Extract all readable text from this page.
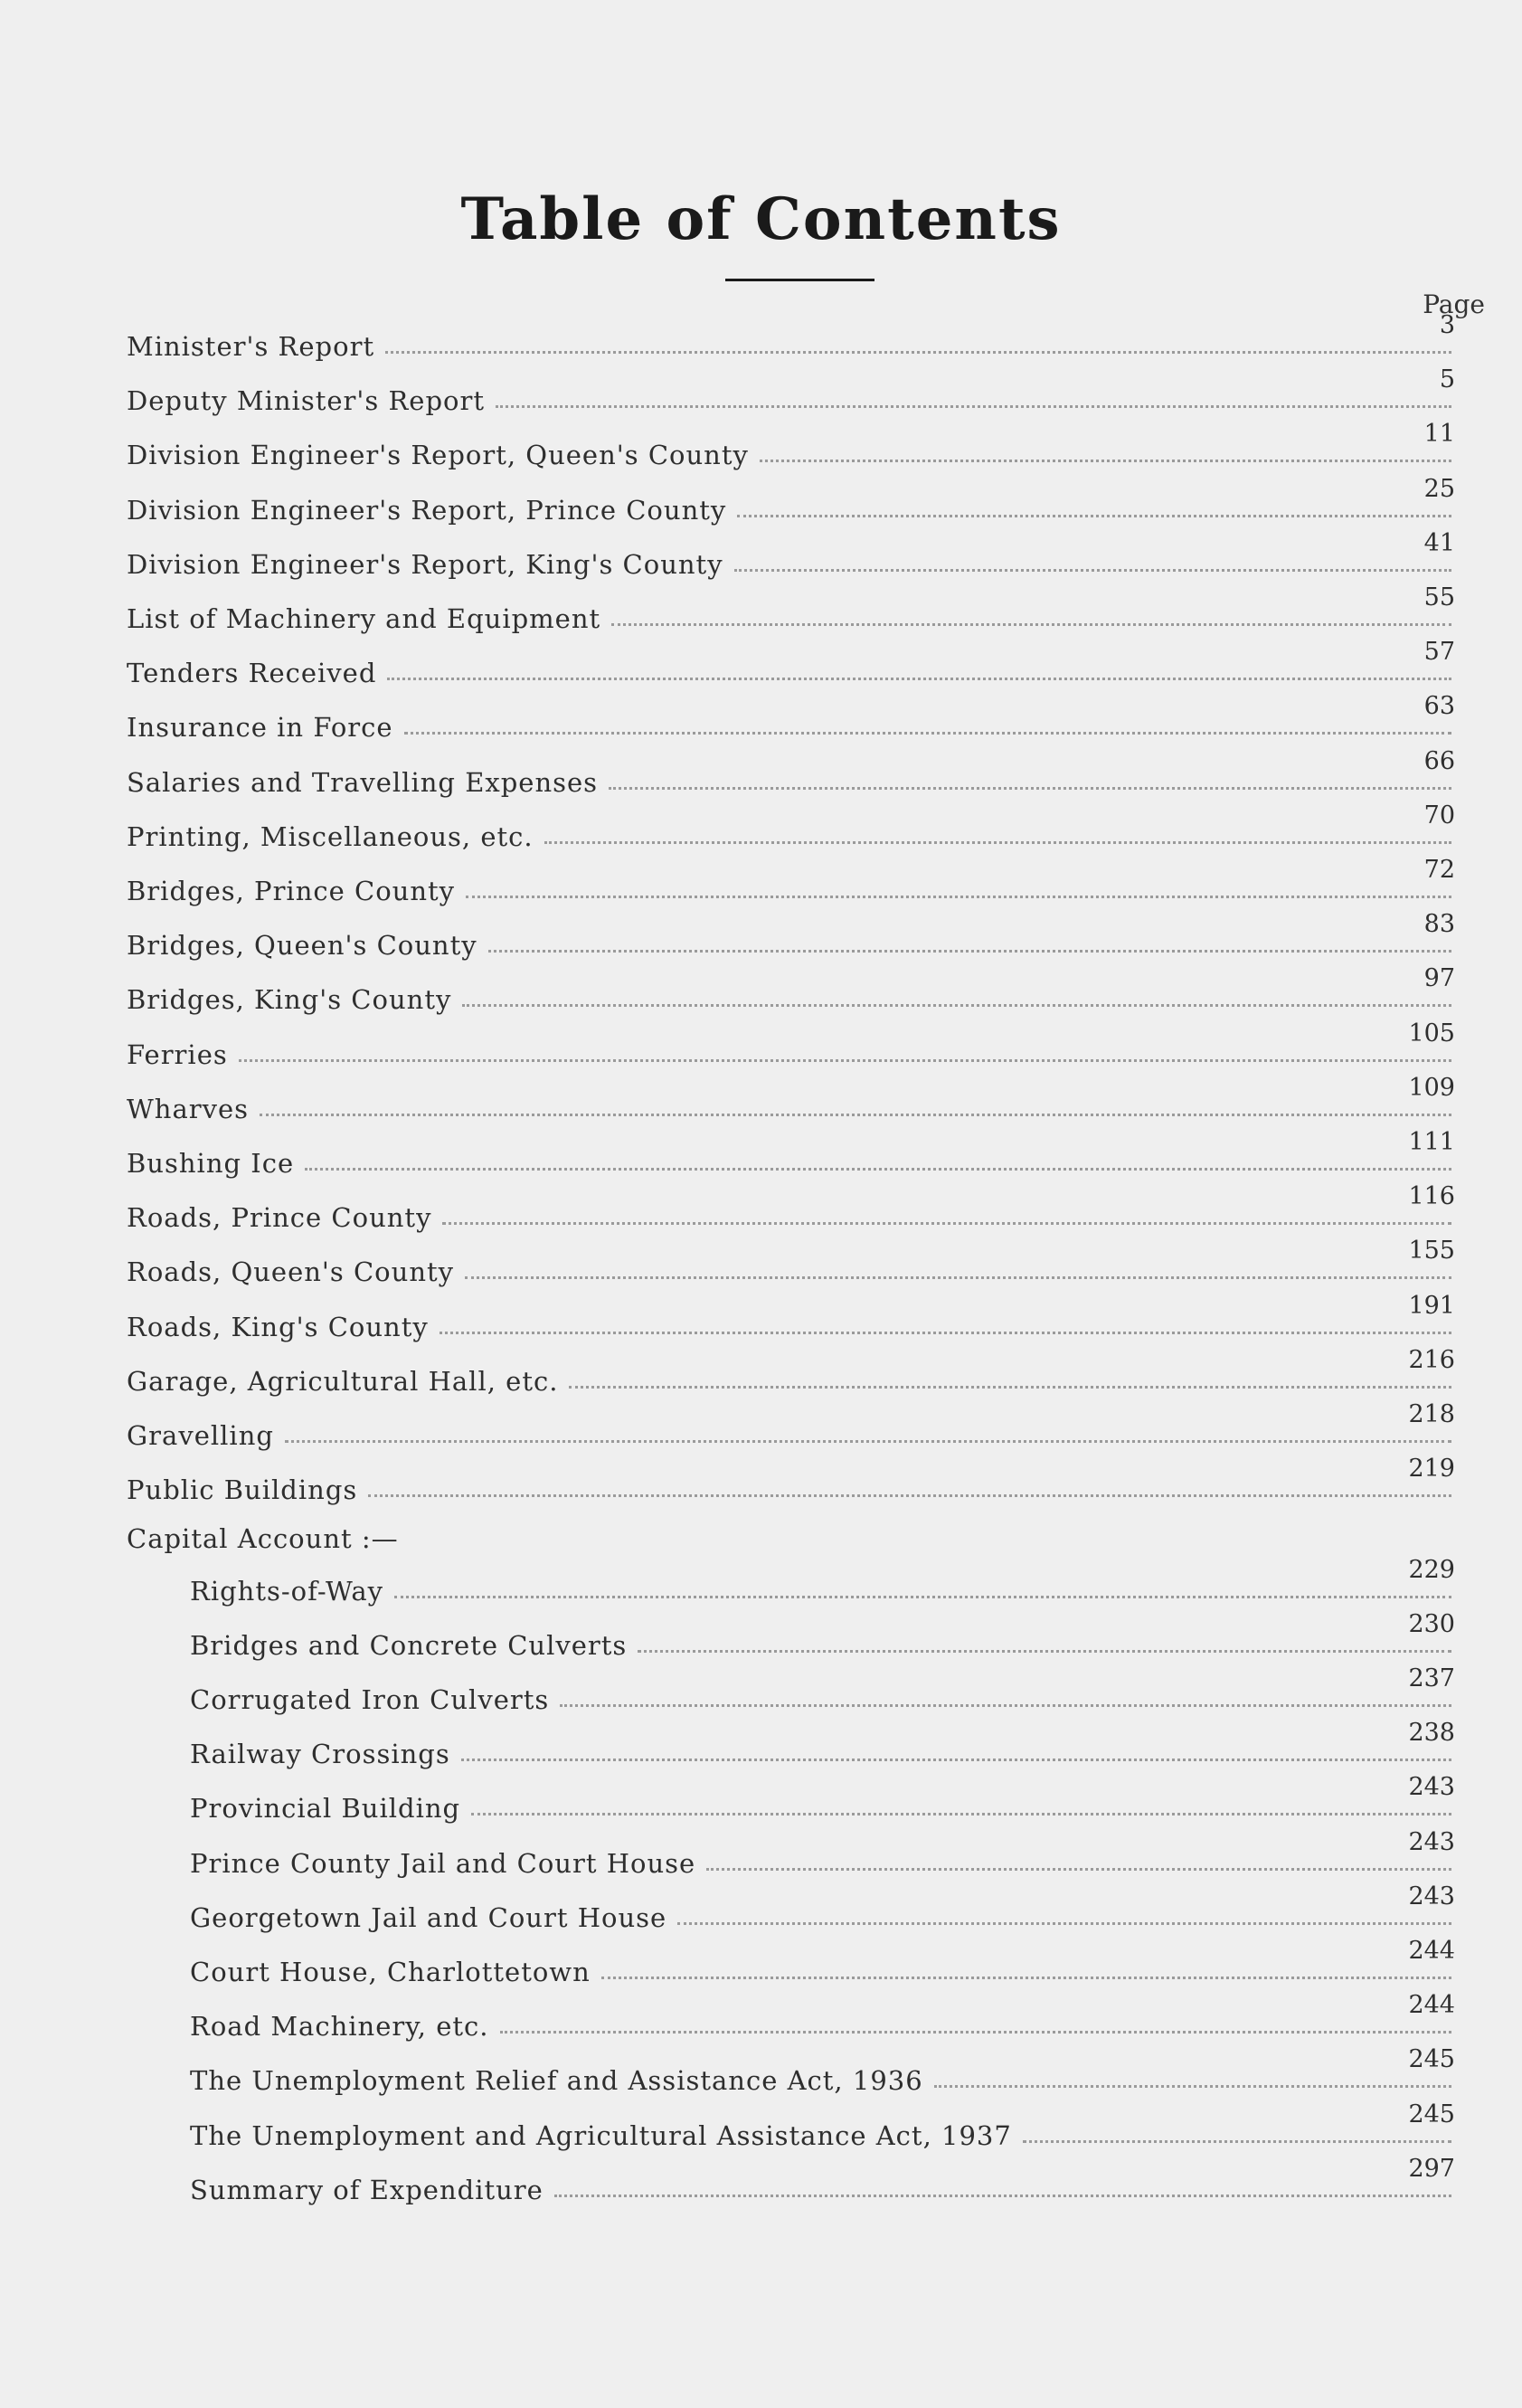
Table of Contents
Page
Minister's Report
3
Deputy Minister's Report
5
Division Engineer's Report, Queen's County
11
Division Engineer's Report, Prince County
25
Division Engineer's Report, King's County
41
List of Machinery and Equipment
55
Tenders Received
57
Insurance in Force
63
Salaries and Travelling Expenses
66
Printing, Miscellaneous, etc.
70
Bridges, Prince County
72
Bridges, Queen's County
83
Bridges, King's County
97
Ferries
105
Wharves
109
Bushing Ice
111
Roads, Prince County
116
Roads, Queen's County
155
Roads, King's County
191
Garage, Agricultural Hall, etc.
216
Gravelling
218
Public Buildings
219
Capital Account :—
Rights-of-Way
229
Bridges and Concrete Culverts
230
Corrugated Iron Culverts
237
Railway Crossings
238
Provincial Building
243
Prince County Jail and Court House
243
Georgetown Jail and Court House
243
Court House, Charlottetown
244
Road Machinery, etc.
244
The Unemployment Relief and Assistance Act, 1936
245
The Unemployment and Agricultural Assistance Act, 1937
245
Summary of Expenditure
297
